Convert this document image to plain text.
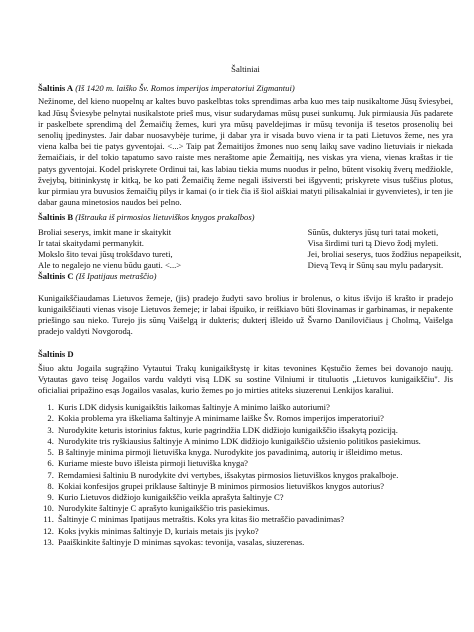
Šaltiniai
Šaltinis A (Iš 1420 m. laiško Šv. Romos imperijos imperatoriui Zigmantui)
Nežinome, del kieno nuopelnų ar kaltes buvo paskelbtas toks sprendimas arba kuo mes taip nusikaltome Jūsų šviesybei, kad Jūsų Šviesybe pelnytai nusikalstote prieš mus, visur sudarydamas mūsų pusei sunkumų. Juk pirmiausia Jūs padarete ir paskelbete sprendimą del Žemaičių žemes, kuri yra mūsų paveldejimas ir mūsų tevonija iš tesetos prosenolių bei senolių įpedinystes. Jair dabar nuosavybėje turime, ji dabar yra ir visada buvo viena ir ta pati Lietuvos žeme, nes yra viena kalba bei tie patys gyventojai. <...> Taip pat Žemaitijos žmones nuo senų laikų save vadino lietuviais ir niekada žemaičiais, ir del tokio tapatumo savo raiste mes neraštome apie Žemaitiją, nes viskas yra viena, vienas kraštas ir tie patys gyventojai. Kodel priskyrete Ordinui tai, kas labiau tiekia mums nuodus ir pelno, būtent visokių žverų medžiokle, žvejybą, bitininkystę ir kitką, be ko pati Žemaičių žeme negali išsiversti bei išgyventi; priskyrete visus tuščius plotus, kur pirmiau yra buvusios žemaičių pilys ir kamai (o ir tiek čia iš šiol aiškiai matyti pilisakalniai ir gyvenvietes), ir ten jie dabar gauna minetosios naudos bei pelno.
Šaltinis B (Ištrauka iš pirmosios lietuviškos knygos prakalbos)
Broliai seserys, imkit mane ir skaitykit
Ir tatai skaitydami permanykit.
Mokslo šito tevai jūsų trokšdavo tureti,
Ale to negalejo ne vienu būdu gauti. <...>
Sūnūs, dukterys jūsų turi tatai moketi,
Visa širdimi turi tą Dievo žodį myleti.
Jei, broliai seserys, tuos žodžius nepapeiksit,
Dievą Tevą ir Sūnų sau mylu padarysit.
Šaltinis C (Iš Ipatijaus metraščio)
Kunigaikščiaudamas Lietuvos žemeje, (jis) pradejo žudyti savo brolius ir brolenus, o kitus išvijo iš krašto ir pradejo kunigaikščiauti vienas visoje Lietuvos žemeje; ir labai išpuiko, ir reiškiavo būti šlovinamas ir garbinamas, ir nepakente priešingo sau nieko. Turejo jis sūnų Vaišelgą ir dukteris; dukterį išleido už Švarno Danilovičiaus į Cholmą, Vaišelga pradejo valdyti Novgorodą.
Šaltinis D
Šiuo aktu Jogaila sugrąžino Vytautui Trakų kunigaikštystę ir kitas tevonines Kęstučio žemes bei dovanojo naujų. Vytautas gavo teisę Jogailos vardu valdyti visą LDK su sostine Vilniumi ir tituluotis „Lietuvos kunigaikščiu". Jis oficialiai pripažino esąs Jogailos vasalas, kurio žemes po jo mirties atiteks siuzerenui Lenkijos karaliui.
1. Kuris LDK didysis kunigaikštis laikomas šaltinyje A minimo laiško autoriumi?
2. Kokia problema yra iškeliama šaltinyje A minimame laiške Šv. Romos imperijos imperatoriui?
3. Nurodykite keturis istorinius faktus, kurie pagrindžia LDK didžiojo kunigaikščio išsakytą poziciją.
4. Nurodykite tris ryškiausius šaltinyje A minimo LDK didžiojo kunigaikščio užsienio politikos pasiekimus.
5. B šaltinyje minima pirmoji lietuviška knyga. Nurodykite jos pavadinimą, autorių ir išleidimo metus.
6. Kuriame mieste buvo išleista pirmoji lietuviška knyga?
7. Remdamiesi šaltiniu B nurodykite dvi vertybes, išsakytas pirmosios lietuviškos knygos prakalboje.
8. Kokiai konfesijos grupei priklause šaltinyje B minimos pirmosios lietuviškos knygos autorius?
9. Kurio Lietuvos didžiojo kunigaikščio veikla aprašyta šaltinyje C?
10. Nurodykite šaltinyje C aprašyto kunigaikščio tris pasiekimus.
11. Šaltinyje C minimas Ipatijaus metraštis. Koks yra kitas šio metraščio pavadinimas?
12. Koks įvykis minimas šaltinyje D, kuriais metais jis įvyko?
13. Paaiškinkite šaltinyje D minimas sąvokas: tevonija, vasalas, siuzerenas.
